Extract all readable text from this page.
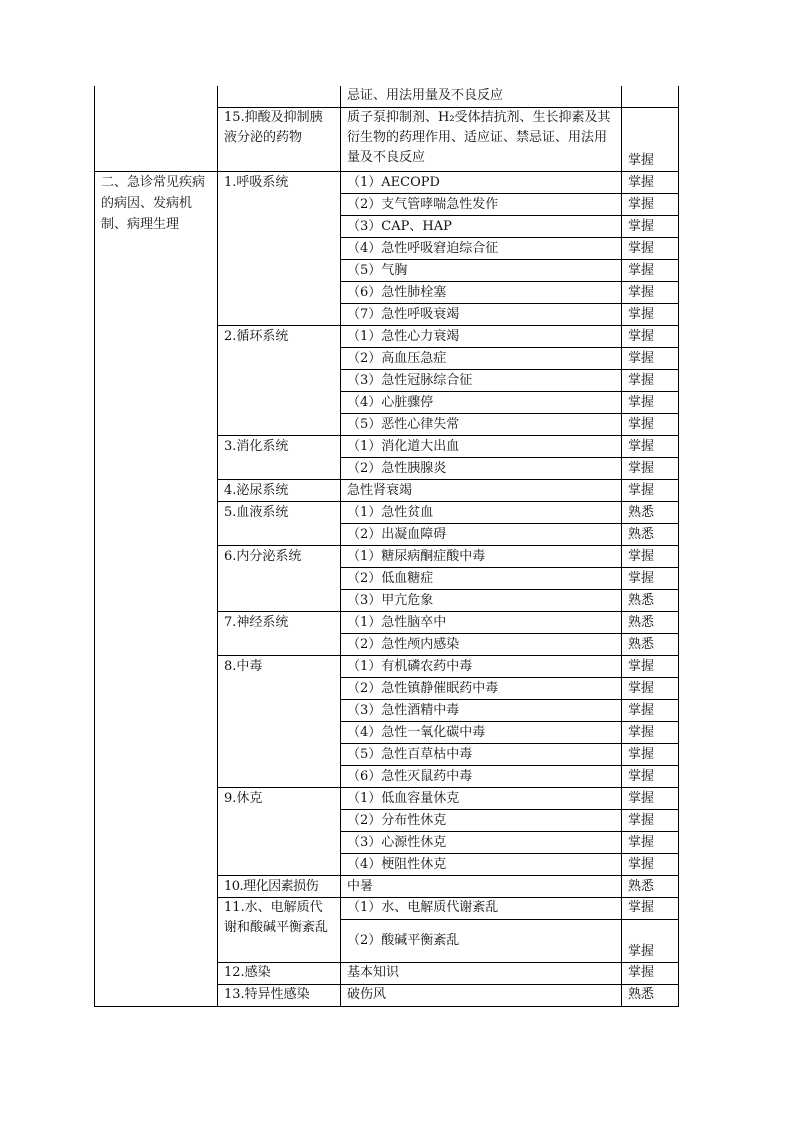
		忌证、用法用量及不良反应	
	15.抑酸及抑制胰液分泌的药物	质子泵抑制剂、H₂受体拮抗剂、生长抑素及其衍生物的药理作用、适应证、禁忌证、用法用量及不良反应	掌握
二、急诊常见疾病的病因、发病机制、病理生理	1.呼吸系统	（1）AECOPD	掌握
		（2）支气管哮喘急性发作	掌握
		（3）CAP、HAP	掌握
		（4）急性呼吸窘迫综合征	掌握
		（5）气胸	掌握
		（6）急性肺栓塞	掌握
		（7）急性呼吸衰竭	掌握
	2.循环系统	（1）急性心力衰竭	掌握
		（2）高血压急症	掌握
		（3）急性冠脉综合征	掌握
		（4）心脏骤停	掌握
		（5）恶性心律失常	掌握
	3.消化系统	（1）消化道大出血	掌握
		（2）急性胰腺炎	掌握
	4.泌尿系统	急性肾衰竭	掌握
	5.血液系统	（1）急性贫血	熟悉
		（2）出凝血障碍	熟悉
	6.内分泌系统	（1）糖尿病酮症酸中毒	掌握
		（2）低血糖症	掌握
		（3）甲亢危象	熟悉
	7.神经系统	（1）急性脑卒中	熟悉
		（2）急性颅内感染	熟悉
	8.中毒	（1）有机磷农药中毒	掌握
		（2）急性镇静催眠药中毒	掌握
		（3）急性酒精中毒	掌握
		（4）急性一氧化碳中毒	掌握
		（5）急性百草枯中毒	掌握
		（6）急性灭鼠药中毒	掌握
	9.休克	（1）低血容量休克	掌握
		（2）分布性休克	掌握
		（3）心源性休克	掌握
		（4）梗阻性休克	掌握
	10.理化因素损伤	中暑	熟悉
	11.水、电解质代谢和酸碱平衡紊乱	（1）水、电解质代谢紊乱	掌握
		（2）酸碱平衡紊乱	掌握
	12.感染	基本知识	掌握
	13.特异性感染	破伤风	熟悉
